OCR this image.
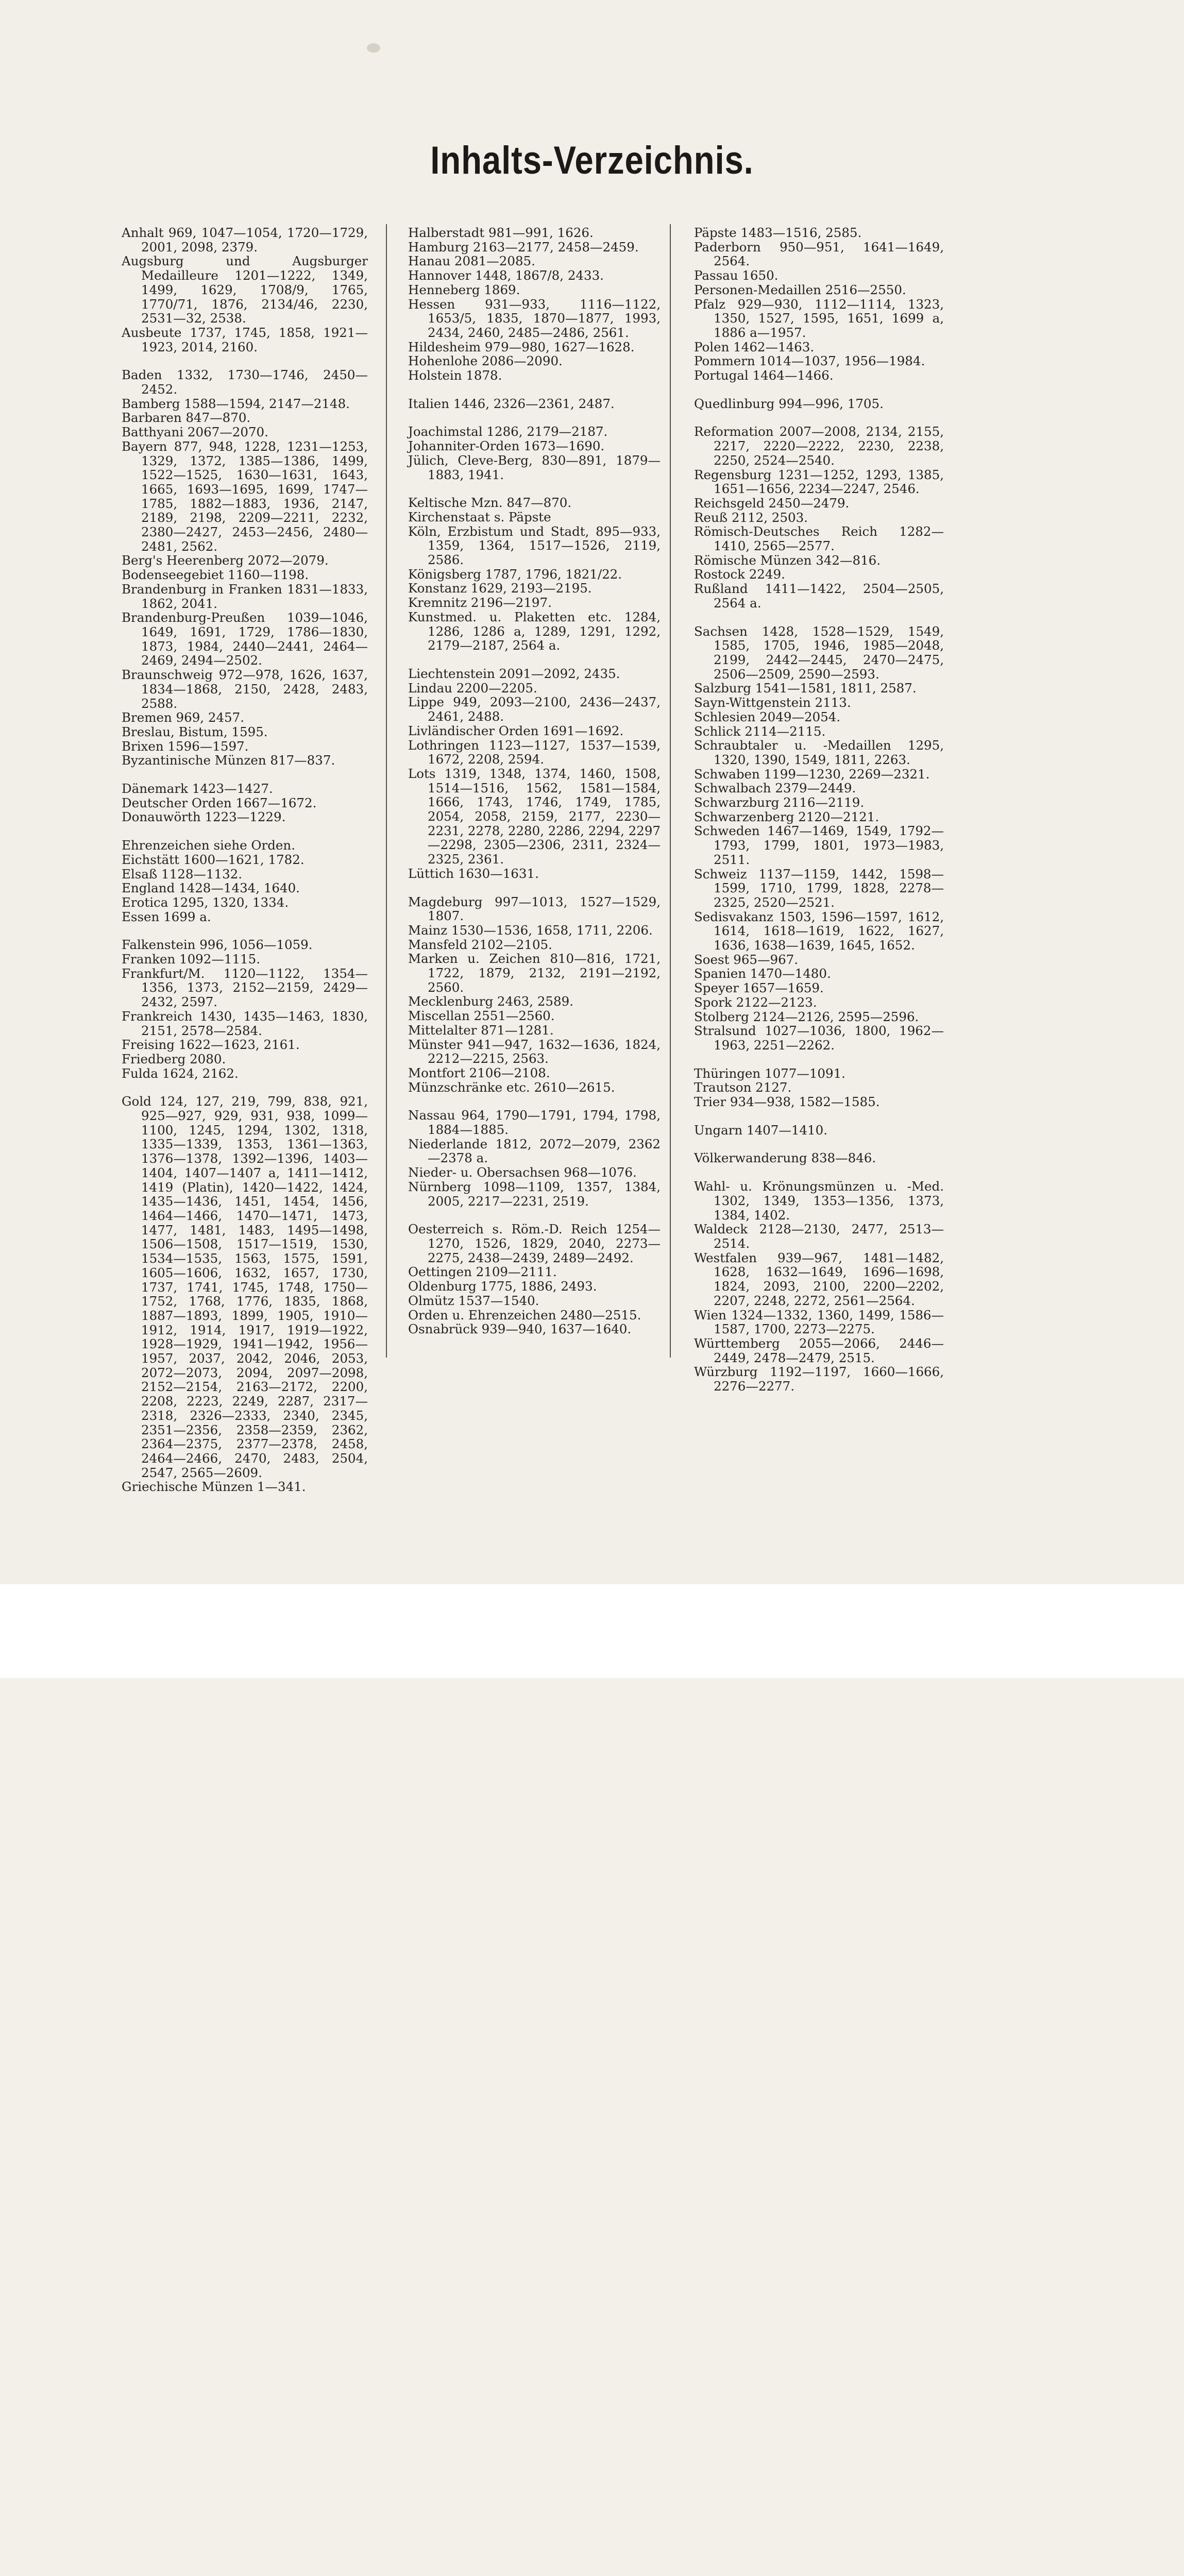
Inhalts-Verzeichnis.
Anhalt 969, 1047—1054, 1720—1729, 2001, 2098, 2379.
Augsburg und Augsburger Medailleure 1201—1222, 1349, 1499, 1629, 1708/9, 1765, 1770/71, 1876, 2134/46, 2230, 2531—32, 2538.
Ausbeute 1737, 1745, 1858, 1921—1923, 2014, 2160.
Baden 1332, 1730—1746, 2450—2452.
Bamberg 1588—1594, 2147—2148.
Barbaren 847—870.
Batthyani 2067—2070.
Bayern 877, 948, 1228, 1231—1253, 1329, 1372, 1385—1386, 1499, 1522—1525, 1630—1631, 1643, 1665, 1693—1695, 1699, 1747—1785, 1882—1883, 1936, 2147, 2189, 2198, 2209—2211, 2232, 2380—2427, 2453—2456, 2480—2481, 2562.
Berg's Heerenberg 2072—2079.
Bodenseegebiet 1160—1198.
Brandenburg in Franken 1831—1833, 1862, 2041.
Brandenburg-Preußen 1039—1046, 1649, 1691, 1729, 1786—1830, 1873, 1984, 2440—2441, 2464—2469, 2494—2502.
Braunschweig 972—978, 1626, 1637, 1834—1868, 2150, 2428, 2483, 2588.
Bremen 969, 2457.
Breslau, Bistum, 1595.
Brixen 1596—1597.
Byzantinische Münzen 817—837.
Dänemark 1423—1427.
Deutscher Orden 1667—1672.
Donauwörth 1223—1229.
Ehrenzeichen siehe Orden.
Eichstätt 1600—1621, 1782.
Elsaß 1128—1132.
England 1428—1434, 1640.
Erotica 1295, 1320, 1334.
Essen 1699 a.
Falkenstein 996, 1056—1059.
Franken 1092—1115.
Frankfurt/M. 1120—1122, 1354—1356, 1373, 2152—2159, 2429—2432, 2597.
Frankreich 1430, 1435—1463, 1830, 2151, 2578—2584.
Freising 1622—1623, 2161.
Friedberg 2080.
Fulda 1624, 2162.
Gold 124, 127, 219, 799, 838, 921, 925—927, 929, 931, 938, 1099—1100, 1245, 1294, 1302, 1318, 1335—1339, 1353, 1361—1363, 1376—1378, 1392—1396, 1403—1404, 1407—1407 a, 1411—1412, 1419 (Platin), 1420—1422, 1424, 1435—1436, 1451, 1454, 1456, 1464—1466, 1470—1471, 1473, 1477, 1481, 1483, 1495—1498, 1506—1508, 1517—1519, 1530, 1534—1535, 1563, 1575, 1591, 1605—1606, 1632, 1657, 1730, 1737, 1741, 1745, 1748, 1750—1752, 1768, 1776, 1835, 1868, 1887—1893, 1899, 1905, 1910—1912, 1914, 1917, 1919—1922, 1928—1929, 1941—1942, 1956—1957, 2037, 2042, 2046, 2053, 2072—2073, 2094, 2097—2098, 2152—2154, 2163—2172, 2200, 2208, 2223, 2249, 2287, 2317—2318, 2326—2333, 2340, 2345, 2351—2356, 2358—2359, 2362, 2364—2375, 2377—2378, 2458, 2464—2466, 2470, 2483, 2504, 2547, 2565—2609.
Griechische Münzen 1—341.
Halberstadt 981—991, 1626.
Hamburg 2163—2177, 2458—2459.
Hanau 2081—2085.
Hannover 1448, 1867/8, 2433.
Henneberg 1869.
Hessen 931—933, 1116—1122, 1653/5, 1835, 1870—1877, 1993, 2434, 2460, 2485—2486, 2561.
Hildesheim 979—980, 1627—1628.
Hohenlohe 2086—2090.
Holstein 1878.
Italien 1446, 2326—2361, 2487.
Joachimstal 1286, 2179—2187.
Johanniter-Orden 1673—1690.
Jülich, Cleve-Berg, 830—891, 1879—1883, 1941.
Keltische Mzn. 847—870.
Kirchenstaat s. Päpste
Köln, Erzbistum und Stadt, 895—933, 1359, 1364, 1517—1526, 2119, 2586.
Königsberg 1787, 1796, 1821/22.
Konstanz 1629, 2193—2195.
Kremnitz 2196—2197.
Kunstmed. u. Plaketten etc. 1284, 1286, 1286 a, 1289, 1291, 1292, 2179—2187, 2564 a.
Liechtenstein 2091—2092, 2435.
Lindau 2200—2205.
Lippe 949, 2093—2100, 2436—2437, 2461, 2488.
Livländischer Orden 1691—1692.
Lothringen 1123—1127, 1537—1539, 1672, 2208, 2594.
Lots 1319, 1348, 1374, 1460, 1508, 1514—1516, 1562, 1581—1584, 1666, 1743, 1746, 1749, 1785, 2054, 2058, 2159, 2177, 2230—2231, 2278, 2280, 2286, 2294, 2297—2298, 2305—2306, 2311, 2324—2325, 2361.
Lüttich 1630—1631.
Magdeburg 997—1013, 1527—1529, 1807.
Mainz 1530—1536, 1658, 1711, 2206.
Mansfeld 2102—2105.
Marken u. Zeichen 810—816, 1721, 1722, 1879, 2132, 2191—2192, 2560.
Mecklenburg 2463, 2589.
Miscellan 2551—2560.
Mittelalter 871—1281.
Münster 941—947, 1632—1636, 1824, 2212—2215, 2563.
Montfort 2106—2108.
Münzschränke etc. 2610—2615.
Nassau 964, 1790—1791, 1794, 1798, 1884—1885.
Niederlande 1812, 2072—2079, 2362—2378 a.
Nieder- u. Obersachsen 968—1076.
Nürnberg 1098—1109, 1357, 1384, 2005, 2217—2231, 2519.
Oesterreich s. Röm.-D. Reich 1254—1270, 1526, 1829, 2040, 2273—2275, 2438—2439, 2489—2492.
Oettingen 2109—2111.
Oldenburg 1775, 1886, 2493.
Olmütz 1537—1540.
Orden u. Ehrenzeichen 2480—2515.
Osnabrück 939—940, 1637—1640.
Päpste 1483—1516, 2585.
Paderborn 950—951, 1641—1649, 2564.
Passau 1650.
Personen-Medaillen 2516—2550.
Pfalz 929—930, 1112—1114, 1323, 1350, 1527, 1595, 1651, 1699 a, 1886 a—1957.
Polen 1462—1463.
Pommern 1014—1037, 1956—1984.
Portugal 1464—1466.
Quedlinburg 994—996, 1705.
Reformation 2007—2008, 2134, 2155, 2217, 2220—2222, 2230, 2238, 2250, 2524—2540.
Regensburg 1231—1252, 1293, 1385, 1651—1656, 2234—2247, 2546.
Reichsgeld 2450—2479.
Reuß 2112, 2503.
Römisch-Deutsches Reich 1282—1410, 2565—2577.
Römische Münzen 342—816.
Rostock 2249.
Rußland 1411—1422, 2504—2505, 2564 a.
Sachsen 1428, 1528—1529, 1549, 1585, 1705, 1946, 1985—2048, 2199, 2442—2445, 2470—2475, 2506—2509, 2590—2593.
Salzburg 1541—1581, 1811, 2587.
Sayn-Wittgenstein 2113.
Schlesien 2049—2054.
Schlick 2114—2115.
Schraubtaler u. -Medaillen 1295, 1320, 1390, 1549, 1811, 2263.
Schwaben 1199—1230, 2269—2321.
Schwalbach 2379—2449.
Schwarzburg 2116—2119.
Schwarzenberg 2120—2121.
Schweden 1467—1469, 1549, 1792—1793, 1799, 1801, 1973—1983, 2511.
Schweiz 1137—1159, 1442, 1598—1599, 1710, 1799, 1828, 2278—2325, 2520—2521.
Sedisvakanz 1503, 1596—1597, 1612, 1614, 1618—1619, 1622, 1627, 1636, 1638—1639, 1645, 1652.
Soest 965—967.
Spanien 1470—1480.
Speyer 1657—1659.
Spork 2122—2123.
Stolberg 2124—2126, 2595—2596.
Stralsund 1027—1036, 1800, 1962—1963, 2251—2262.
Thüringen 1077—1091.
Trautson 2127.
Trier 934—938, 1582—1585.
Ungarn 1407—1410.
Völkerwanderung 838—846.
Wahl- u. Krönungsmünzen u. -Med. 1302, 1349, 1353—1356, 1373, 1384, 1402.
Waldeck 2128—2130, 2477, 2513—2514.
Westfalen 939—967, 1481—1482, 1628, 1632—1649, 1696—1698, 1824, 2093, 2100, 2200—2202, 2207, 2248, 2272, 2561—2564.
Wien 1324—1332, 1360, 1499, 1586—1587, 1700, 2273—2275.
Württemberg 2055—2066, 2446—2449, 2478—2479, 2515.
Würzburg 1192—1197, 1660—1666, 2276—2277.
